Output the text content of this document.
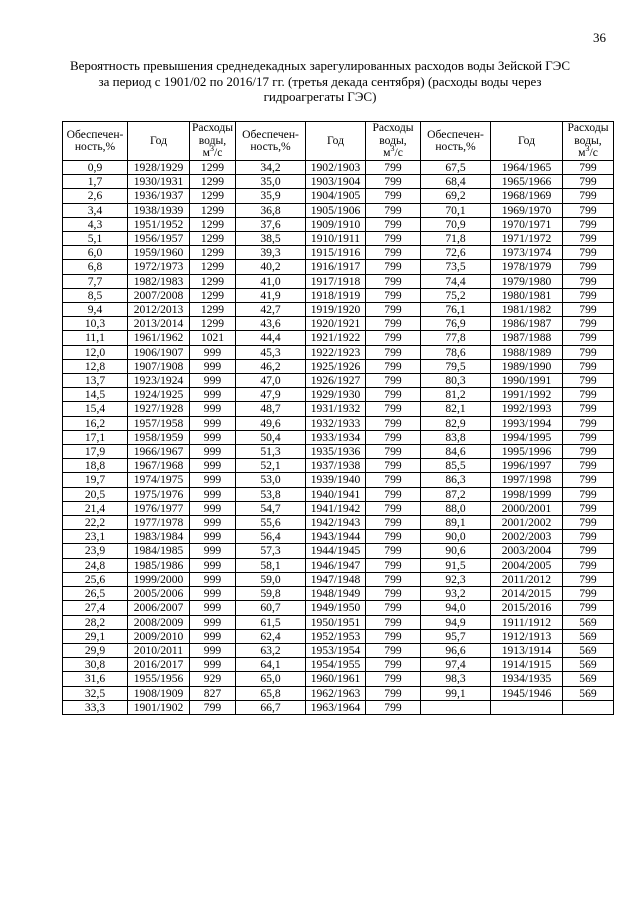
36
Вероятность превышения среднедекадных зарегулированных расходов воды Зейской ГЭС
за период с 1901/02 по 2016/17 гг. (третья декада сентября) (расходы воды через
гидроагрегаты ГЭС)
Обеспечен-
ность,%	Год	Расходы
воды,
$м^3/с$	Обеспечен-
ность,%	Год	Расходы
воды,
$м^3/с$	Обеспечен-
ность,%	Год	Расходы
воды,
$м^3/с$
0,9	1928/1929	1299	34,2	1902/1903	799	67,5	1964/1965	799
1,7	1930/1931	1299	35,0	1903/1904	799	68,4	1965/1966	799
2,6	1936/1937	1299	35,9	1904/1905	799	69,2	1968/1969	799
3,4	1938/1939	1299	36,8	1905/1906	799	70,1	1969/1970	799
4,3	1951/1952	1299	37,6	1909/1910	799	70,9	1970/1971	799
5,1	1956/1957	1299	38,5	1910/1911	799	71,8	1971/1972	799
6,0	1959/1960	1299	39,3	1915/1916	799	72,6	1973/1974	799
6,8	1972/1973	1299	40,2	1916/1917	799	73,5	1978/1979	799
7,7	1982/1983	1299	41,0	1917/1918	799	74,4	1979/1980	799
8,5	2007/2008	1299	41,9	1918/1919	799	75,2	1980/1981	799
9,4	2012/2013	1299	42,7	1919/1920	799	76,1	1981/1982	799
10,3	2013/2014	1299	43,6	1920/1921	799	76,9	1986/1987	799
11,1	1961/1962	1021	44,4	1921/1922	799	77,8	1987/1988	799
12,0	1906/1907	999	45,3	1922/1923	799	78,6	1988/1989	799
12,8	1907/1908	999	46,2	1925/1926	799	79,5	1989/1990	799
13,7	1923/1924	999	47,0	1926/1927	799	80,3	1990/1991	799
14,5	1924/1925	999	47,9	1929/1930	799	81,2	1991/1992	799
15,4	1927/1928	999	48,7	1931/1932	799	82,1	1992/1993	799
16,2	1957/1958	999	49,6	1932/1933	799	82,9	1993/1994	799
17,1	1958/1959	999	50,4	1933/1934	799	83,8	1994/1995	799
17,9	1966/1967	999	51,3	1935/1936	799	84,6	1995/1996	799
18,8	1967/1968	999	52,1	1937/1938	799	85,5	1996/1997	799
19,7	1974/1975	999	53,0	1939/1940	799	86,3	1997/1998	799
20,5	1975/1976	999	53,8	1940/1941	799	87,2	1998/1999	799
21,4	1976/1977	999	54,7	1941/1942	799	88,0	2000/2001	799
22,2	1977/1978	999	55,6	1942/1943	799	89,1	2001/2002	799
23,1	1983/1984	999	56,4	1943/1944	799	90,0	2002/2003	799
23,9	1984/1985	999	57,3	1944/1945	799	90,6	2003/2004	799
24,8	1985/1986	999	58,1	1946/1947	799	91,5	2004/2005	799
25,6	1999/2000	999	59,0	1947/1948	799	92,3	2011/2012	799
26,5	2005/2006	999	59,8	1948/1949	799	93,2	2014/2015	799
27,4	2006/2007	999	60,7	1949/1950	799	94,0	2015/2016	799
28,2	2008/2009	999	61,5	1950/1951	799	94,9	1911/1912	569
29,1	2009/2010	999	62,4	1952/1953	799	95,7	1912/1913	569
29,9	2010/2011	999	63,2	1953/1954	799	96,6	1913/1914	569
30,8	2016/2017	999	64,1	1954/1955	799	97,4	1914/1915	569
31,6	1955/1956	929	65,0	1960/1961	799	98,3	1934/1935	569
32,5	1908/1909	827	65,8	1962/1963	799	99,1	1945/1946	569
33,3	1901/1902	799	66,7	1963/1964	799			
